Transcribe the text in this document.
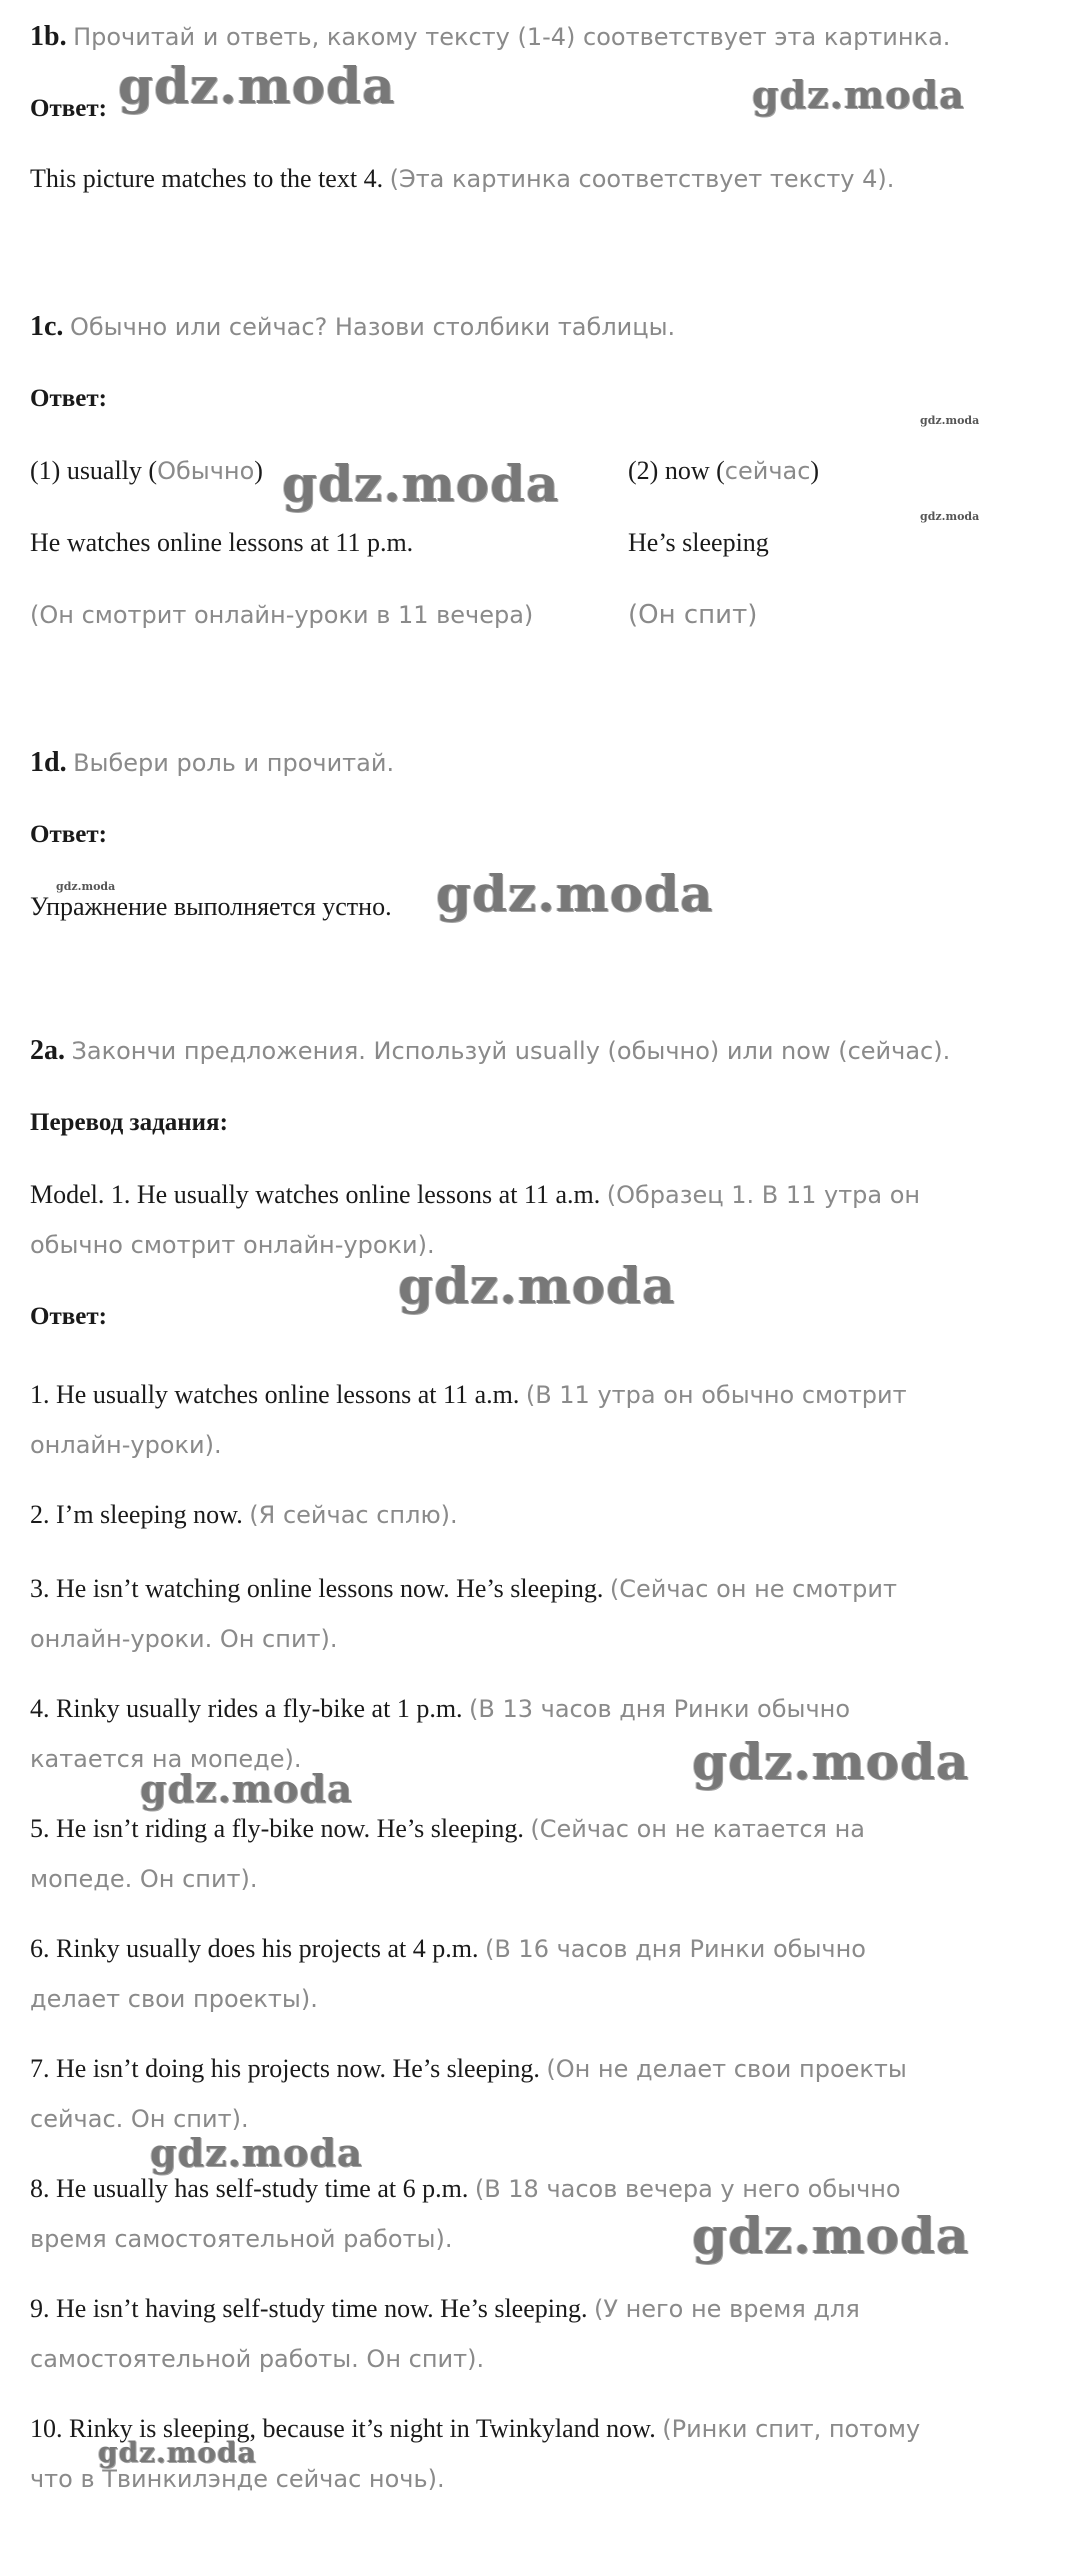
1b. Прочитай и ответь, какому тексту (1-4) соответствует эта картинка.
Ответ: gdz.moda	gdz.moda
This picture matches to the text 4. (Эта картинка соответствует тексту 4).
1c. Обычно или сейчас? Назови столбики таблицы.
Ответ:
gdz.moda
(1) usually (Обычно)	(2) now (сейчас)
gdz.moda
gdz.moda
He watches online lessons at 11 p.m.	He’s sleeping
(Он смотрит онлайн-уроки в 11 вечера)	(Он спит)
1d. Выбери роль и прочитай.
Ответ:
gdz.moda
Упражнение выполняется устно. gdz.moda
2a. Закончи предложения. Используй usually (обычно) или now (сейчас).
Перевод задания:
Model. 1. He usually watches online lessons at 11 a.m. (Образец 1. В 11 утра он
обычно смотрит онлайн-уроки).
gdz.moda
Ответ:
1. He usually watches online lessons at 11 a.m. (В 11 утра он обычно смотрит
онлайн-уроки).
2. I’m sleeping now. (Я сейчас сплю).
3. He isn’t watching online lessons now. He’s sleeping. (Сейчас он не смотрит
онлайн-уроки. Он спит).
4. Rinky usually rides a fly-bike at 1 p.m. (В 13 часов дня Ринки обычно
катается на мопеде).
5. He isn’t riding a fly-bike now. He’s sleeping. (Сейчас он не катается на
мопеде. Он спит).
6. Rinky usually does his projects at 4 p.m. (В 16 часов дня Ринки обычно
делает свои проекты).
7. He isn’t doing his projects now. He’s sleeping. (Он не делает свои проекты
сейчас. Он спит).
8. He usually has self-study time at 6 p.m. (В 18 часов вечера у него обычно
время самостоятельной работы).
9. He isn’t having self-study time now. He’s sleeping. (У него не время для
самостоятельной работы. Он спит).
10. Rinky is sleeping, because it’s night in Twinkyland now. (Ринки спит, потому
что в Твинкилэнде сейчас ночь).
gdz.moda
gdz.moda
gdz.moda
gdz.moda
gdz.moda
